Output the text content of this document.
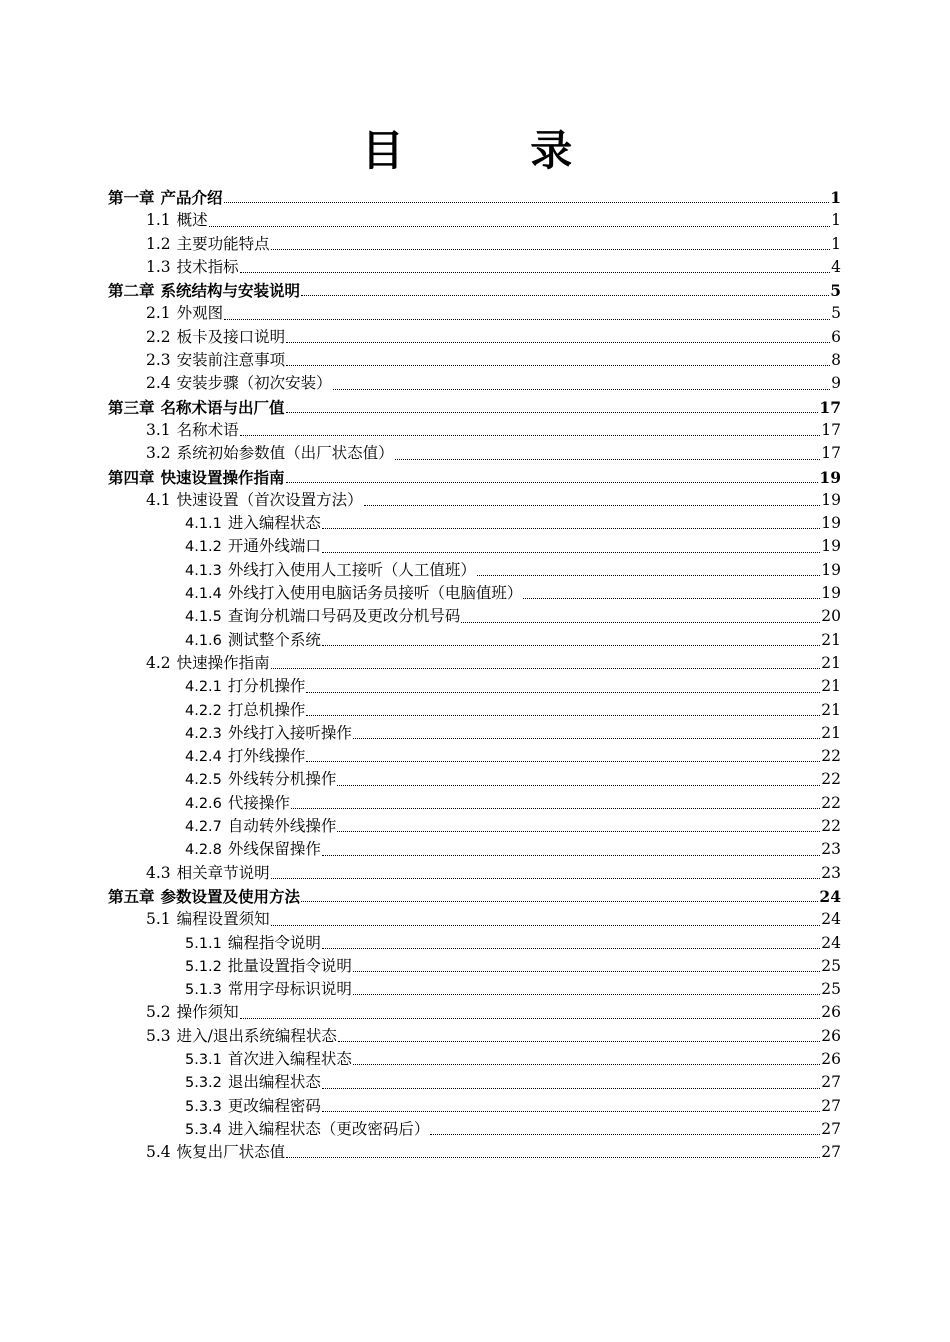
目 录
第一章 产品介绍	1
1.1 概述	1
1.2 主要功能特点	1
1.3 技术指标	4
第二章 系统结构与安装说明	5
2.1 外观图	5
2.2 板卡及接口说明	6
2.3 安装前注意事项	8
2.4 安装步骤（初次安装）	9
第三章 名称术语与出厂值	17
3.1 名称术语	17
3.2 系统初始参数值（出厂状态值）	17
第四章 快速设置操作指南	19
4.1 快速设置（首次设置方法）	19
4.1.1 进入编程状态	19
4.1.2 开通外线端口	19
4.1.3 外线打入使用人工接听（人工值班）	19
4.1.4 外线打入使用电脑话务员接听（电脑值班）	19
4.1.5 查询分机端口号码及更改分机号码	20
4.1.6 测试整个系统	21
4.2 快速操作指南	21
4.2.1 打分机操作	21
4.2.2 打总机操作	21
4.2.3 外线打入接听操作	21
4.2.4 打外线操作	22
4.2.5 外线转分机操作	22
4.2.6 代接操作	22
4.2.7 自动转外线操作	22
4.2.8 外线保留操作	23
4.3 相关章节说明	23
第五章 参数设置及使用方法	24
5.1 编程设置须知	24
5.1.1 编程指令说明	24
5.1.2 批量设置指令说明	25
5.1.3 常用字母标识说明	25
5.2 操作须知	26
5.3 进入/退出系统编程状态	26
5.3.1 首次进入编程状态	26
5.3.2 退出编程状态	27
5.3.3 更改编程密码	27
5.3.4 进入编程状态（更改密码后）	27
5.4 恢复出厂状态值	27
